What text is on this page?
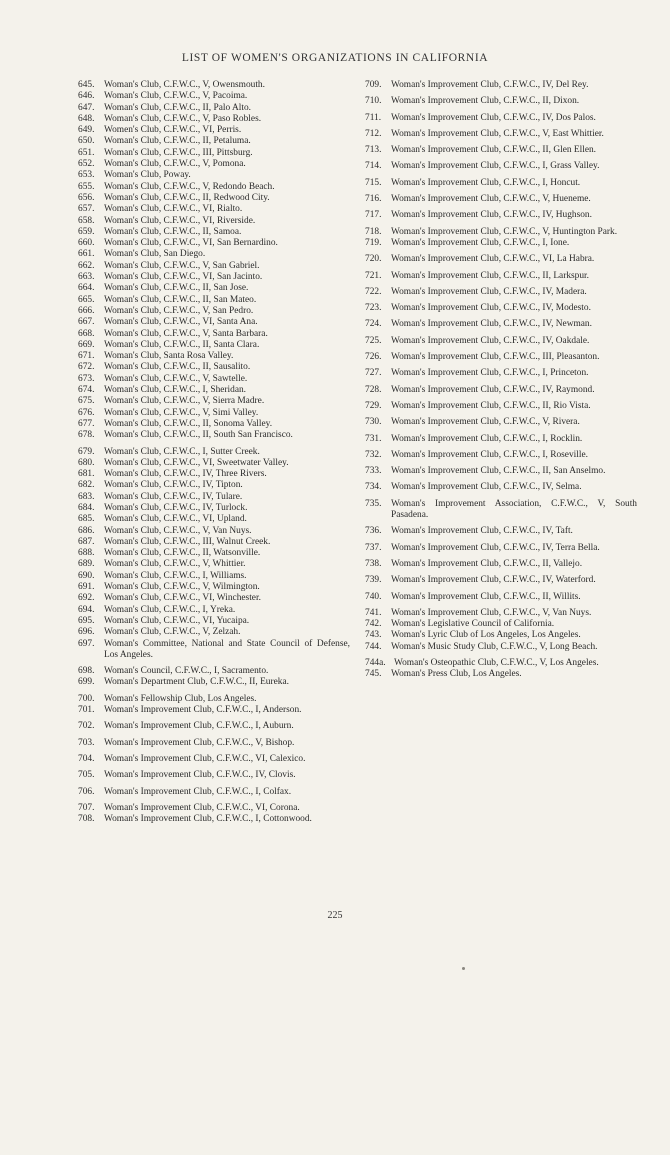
LIST OF WOMEN'S ORGANIZATIONS IN CALIFORNIA
645.	Woman's Club, C.F.W.C., V, Owensmouth.
646.	Woman's Club, C.F.W.C., V, Pacoima.
647.	Woman's Club, C.F.W.C., II, Palo Alto.
648.	Woman's Club, C.F.W.C., V, Paso Robles.
649.	Women's Club, C.F.W.C., VI, Perris.
650.	Woman's Club, C.F.W.C., II, Petaluma.
651.	Woman's Club, C.F.W.C., III, Pittsburg.
652.	Woman's Club, C.F.W.C., V, Pomona.
653.	Woman's Club, Poway.
655.	Woman's Club, C.F.W.C., V, Redondo Beach.
656.	Woman's Club, C.F.W.C., II, Redwood City.
657.	Woman's Club, C.F.W.C., VI, Rialto.
658.	Woman's Club, C.F.W.C., VI, Riverside.
659.	Woman's Club, C.F.W.C., II, Samoa.
660.	Woman's Club, C.F.W.C., VI, San Bernardino.
661.	Woman's Club, San Diego.
662.	Woman's Club, C.F.W.C., V, San Gabriel.
663.	Woman's Club, C.F.W.C., VI, San Jacinto.
664.	Woman's Club, C.F.W.C., II, San Jose.
665.	Woman's Club, C.F.W.C., II, San Mateo.
666.	Woman's Club, C.F.W.C., V, San Pedro.
667.	Woman's Club, C.F.W.C., VI, Santa Ana.
668.	Woman's Club, C.F.W.C., V, Santa Barbara.
669.	Woman's Club, C.F.W.C., II, Santa Clara.
671.	Woman's Club, Santa Rosa Valley.
672.	Woman's Club, C.F.W.C., II, Sausalito.
673.	Woman's Club, C.F.W.C., V, Sawtelle.
674.	Woman's Club, C.F.W.C., I, Sheridan.
675.	Woman's Club, C.F.W.C., V, Sierra Madre.
676.	Woman's Club, C.F.W.C., V, Simi Valley.
677.	Woman's Club, C.F.W.C., II, Sonoma Valley.
678.	Woman's Club, C.F.W.C., II, South San Francisco.
679.	Woman's Club, C.F.W.C., I, Sutter Creek.
680.	Woman's Club, C.F.W.C., VI, Sweetwater Valley.
681.	Woman's Club, C.F.W.C., IV, Three Rivers.
682.	Woman's Club, C.F.W.C., IV, Tipton.
683.	Woman's Club, C.F.W.C., IV, Tulare.
684.	Woman's Club, C.F.W.C., IV, Turlock.
685.	Woman's Club, C.F.W.C., VI, Upland.
686.	Woman's Club, C.F.W.C., V, Van Nuys.
687.	Woman's Club, C.F.W.C., III, Walnut Creek.
688.	Woman's Club, C.F.W.C., II, Watsonville.
689.	Woman's Club, C.F.W.C., V, Whittier.
690.	Woman's Club, C.F.W.C., I, Williams.
691.	Woman's Club, C.F.W.C., V, Wilmington.
692.	Woman's Club, C.F.W.C., VI, Winchester.
694.	Woman's Club, C.F.W.C., I, Yreka.
695.	Woman's Club, C.F.W.C., VI, Yucaipa.
696.	Woman's Club, C.F.W.C., V, Zelzah.
697.	Woman's Committee, National and State Council of Defense, Los Angeles.
698.	Woman's Council, C.F.W.C., I, Sacramento.
699.	Woman's Department Club, C.F.W.C., II, Eureka.
700.	Woman's Fellowship Club, Los Angeles.
701.	Woman's Improvement Club, C.F.W.C., I, Anderson.
702.	Woman's Improvement Club, C.F.W.C., I, Auburn.
703.	Woman's Improvement Club, C.F.W.C., V, Bishop.
704.	Woman's Improvement Club, C.F.W.C., VI, Calexico.
705.	Woman's Improvement Club, C.F.W.C., IV, Clovis.
706.	Woman's Improvement Club, C.F.W.C., I, Colfax.
707.	Woman's Improvement Club, C.F.W.C., VI, Corona.
708.	Woman's Improvement Club, C.F.W.C., I, Cottonwood.
709.	Woman's Improvement Club, C.F.W.C., IV, Del Rey.
710.	Woman's Improvement Club, C.F.W.C., II, Dixon.
711.	Woman's Improvement Club, C.F.W.C., IV, Dos Palos.
712.	Woman's Improvement Club, C.F.W.C., V, East Whittier.
713.	Woman's Improvement Club, C.F.W.C., II, Glen Ellen.
714.	Woman's Improvement Club, C.F.W.C., I, Grass Valley.
715.	Woman's Improvement Club, C.F.W.C., I, Honcut.
716.	Woman's Improvement Club, C.F.W.C., V, Hueneme.
717.	Woman's Improvement Club, C.F.W.C., IV, Hughson.
718.	Woman's Improvement Club, C.F.W.C., V, Huntington Park.
719.	Woman's Improvement Club, C.F.W.C., I, Ione.
720.	Woman's Improvement Club, C.F.W.C., VI, La Habra.
721.	Woman's Improvement Club, C.F.W.C., II, Larkspur.
722.	Woman's Improvement Club, C.F.W.C., IV, Madera.
723.	Woman's Improvement Club, C.F.W.C., IV, Modesto.
724.	Woman's Improvement Club, C.F.W.C., IV, Newman.
725.	Woman's Improvement Club, C.F.W.C., IV, Oakdale.
726.	Woman's Improvement Club, C.F.W.C., III, Pleasanton.
727.	Woman's Improvement Club, C.F.W.C., I, Princeton.
728.	Woman's Improvement Club, C.F.W.C., IV, Raymond.
729.	Woman's Improvement Club, C.F.W.C., II, Rio Vista.
730.	Woman's Improvement Club, C.F.W.C., V, Rivera.
731.	Woman's Improvement Club, C.F.W.C., I, Rocklin.
732.	Woman's Improvement Club, C.F.W.C., I, Roseville.
733.	Woman's Improvement Club, C.F.W.C., II, San Anselmo.
734.	Woman's Improvement Club, C.F.W.C., IV, Selma.
735.	Woman's Improvement Association, C.F.W.C., V, South Pasadena.
736.	Woman's Improvement Club, C.F.W.C., IV, Taft.
737.	Woman's Improvement Club, C.F.W.C., IV, Terra Bella.
738.	Woman's Improvement Club, C.F.W.C., II, Vallejo.
739.	Woman's Improvement Club, C.F.W.C., IV, Waterford.
740.	Woman's Improvement Club, C.F.W.C., II, Willits.
741.	Woman's Improvement Club, C.F.W.C., V, Van Nuys.
742.	Woman's Legislative Council of California.
743.	Woman's Lyric Club of Los Angeles, Los Angeles.
744.	Woman's Music Study Club, C.F.W.C., V, Long Beach.
744a. Woman's Osteopathic Club, C.F.W.C., V, Los Angeles.
745.	Woman's Press Club, Los Angeles.
225
